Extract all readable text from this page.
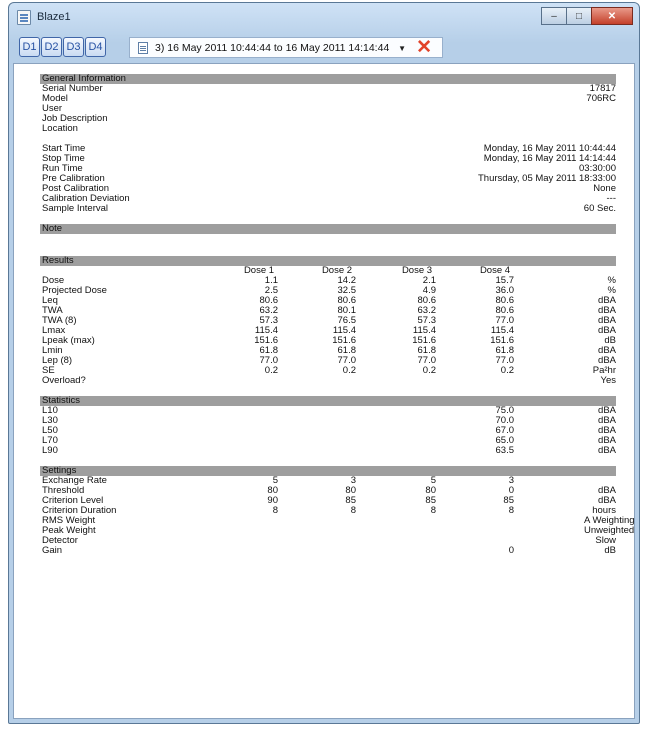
Blaze1	–	□	✕
D1 D2 D3 D4	3) 16 May 2011 10:44:44 to 16 May 2011 14:14:44 ▼ ✕
General Information
Serial Number	17817
Model	706RC
User
Job Description
Location
Start Time	Monday, 16 May 2011 10:44:44
Stop Time	Monday, 16 May 2011 14:14:44
Run Time	03:30:00
Pre Calibration	Thursday, 05 May 2011 18:33:00
Post Calibration	None
Calibration Deviation	---
Sample Interval	60 Sec.
Note
Results
Dose 1	Dose 2	Dose 3	Dose 4
Dose	1.1	14.2	2.1	15.7	%
Projected Dose	2.5	32.5	4.9	36.0	%
Leq	80.6	80.6	80.6	80.6	dBA
TWA	63.2	80.1	63.2	80.6	dBA
TWA (8)	57.3	76.5	57.3	77.0	dBA
Lmax	115.4	115.4	115.4	115.4	dBA
Lpeak (max)	151.6	151.6	151.6	151.6	dB
Lmin	61.8	61.8	61.8	61.8	dBA
Lep (8)	77.0	77.0	77.0	77.0	dBA
SE	0.2	0.2	0.2	0.2	Pa²hr
Overload?	Yes
Statistics
L10	75.0	dBA
L30	70.0	dBA
L50	67.0	dBA
L70	65.0	dBA
L90	63.5	dBA
Settings
Exchange Rate	5	3	5	3
Threshold	80	80	80	0	dBA
Criterion Level	90	85	85	85	dBA
Criterion Duration	8	8	8	8	hours
RMS Weight	A Weighting
Peak Weight	Unweighted
Detector	Slow
Gain	0	dB
